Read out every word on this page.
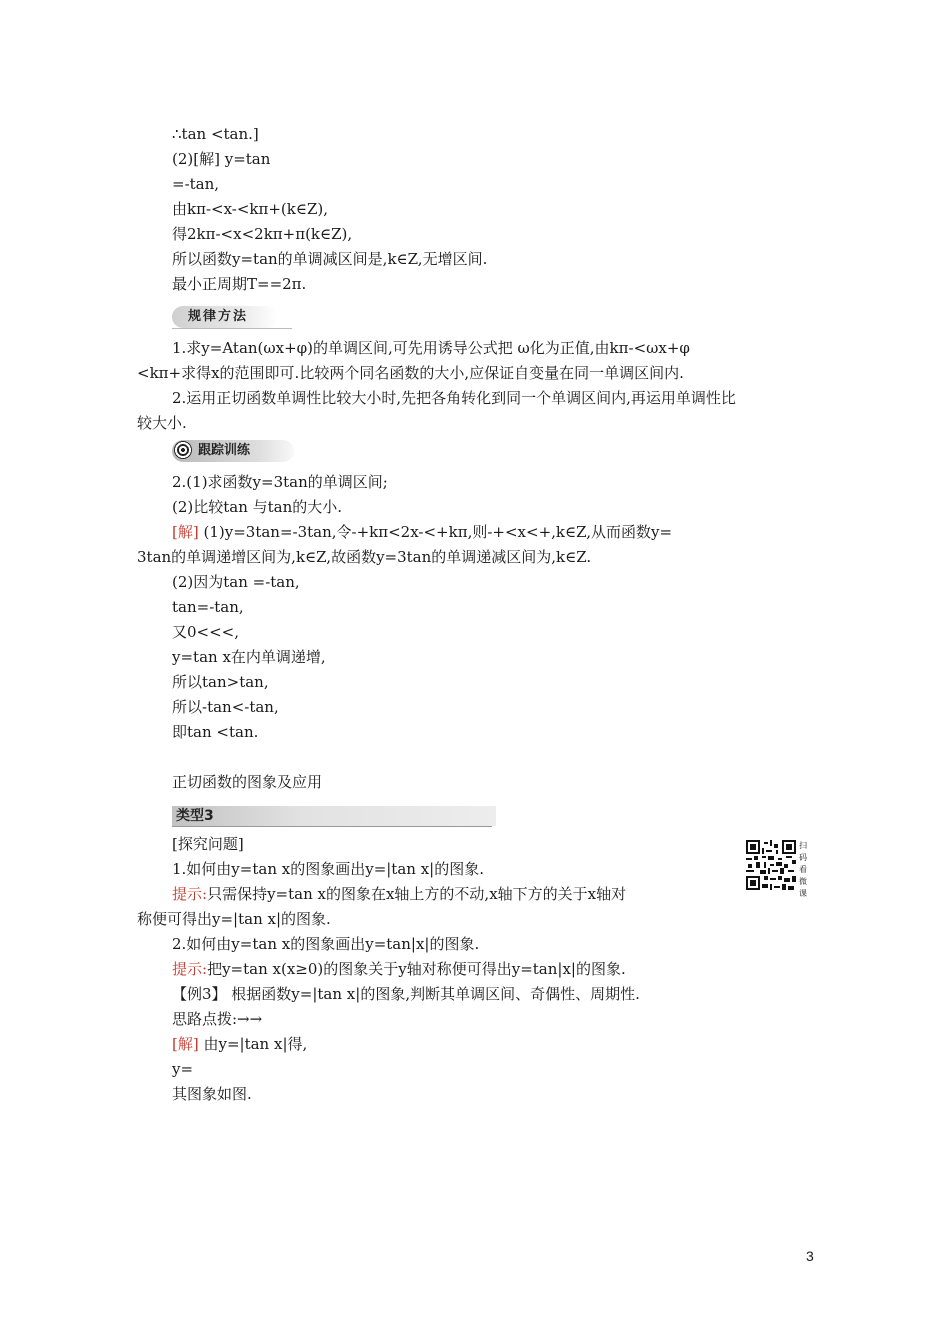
∴tan <tan.]
(2)[解] y=tan
=-tan,
由kπ-<x-<kπ+(k∈Z),
得2kπ-<x<2kπ+π(k∈Z),
所以函数y=tan的单调减区间是,k∈Z,无增区间.
最小正周期T==2π.
1.求y=Atan(ωx+φ)的单调区间,可先用诱导公式把 ω化为正值,由kπ-<ωx+φ
<kπ+求得x的范围即可.比较两个同名函数的大小,应保证自变量在同一单调区间内.
2.运用正切函数单调性比较大小时,先把各角转化到同一个单调区间内,再运用单调性比
较大小.
2.(1)求函数y=3tan的单调区间;
(2)比较tan 与tan的大小.
[解] (1)y=3tan=-3tan,令-+kπ<2x-<+kπ,则-+<x<+,k∈Z,从而函数y=
3tan的单调递增区间为,k∈Z,故函数y=3tan的单调递减区间为,k∈Z.
(2)因为tan =-tan,
tan=-tan,
又0<<<,
y=tan x在内单调递增,
所以tan>tan,
所以-tan<-tan,
即tan <tan.
正切函数的图象及应用
[探究问题]
1.如何由y=tan x的图象画出y=|tan x|的图象.
提示:只需保持y=tan x的图象在x轴上方的不动,x轴下方的关于x轴对
称便可得出y=|tan x|的图象.
2.如何由y=tan x的图象画出y=tan|x|的图象.
提示:把y=tan x(x≥0)的图象关于y轴对称便可得出y=tan|x|的图象.
【例3】 根据函数y=|tan x|的图象,判断其单调区间、奇偶性、周期性.
思路点拨:→→
[解] 由y=|tan x|得,
y=
其图象如图.
规律方法
跟踪训练
类型3
扫码看微课
3
